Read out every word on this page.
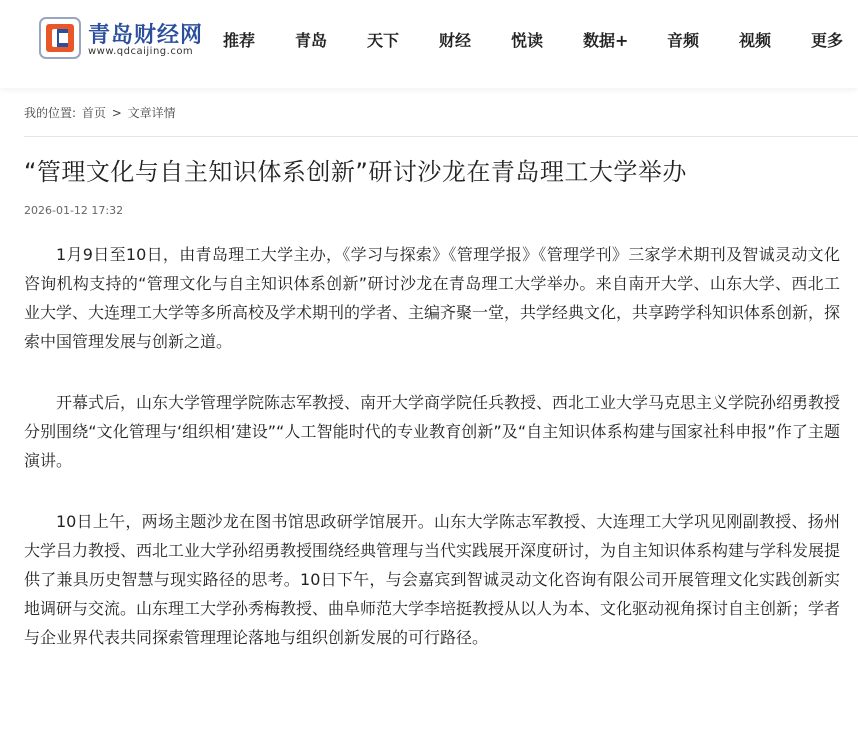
青岛财经网
www.qdcaijing.com
推荐 青岛 天下 财经 悦读 数据+ 音频 视频 更多
我的位置: 首页 > 文章详情
“管理文化与自主知识体系创新”研讨沙龙在青岛理工大学举办
2026-01-12 17:32

1月9日至10日，由青岛理工大学主办，《学习与探索》《管理学报》《管理学刊》三家学术期刊及智诚灵动文化咨询机构支持的“管理文化与自主知识体系创新”研讨沙龙在青岛理工大学举办。来自南开大学、山东大学、西北工业大学、大连理工大学等多所高校及学术期刊的学者、主编齐聚一堂，共学经典文化，共享跨学科知识体系创新，探索中国管理发展与创新之道。

开幕式后，山东大学管理学院陈志军教授、南开大学商学院任兵教授、西北工业大学马克思主义学院孙绍勇教授分别围绕“文化管理与‘组织相’建设”“人工智能时代的专业教育创新”及“自主知识体系构建与国家社科申报”作了主题演讲。

10日上午，两场主题沙龙在图书馆思政研学馆展开。山东大学陈志军教授、大连理工大学巩见刚副教授、扬州大学吕力教授、西北工业大学孙绍勇教授围绕经典管理与当代实践展开深度研讨，为自主知识体系构建与学科发展提供了兼具历史智慧与现实路径的思考。10日下午，与会嘉宾到智诚灵动文化咨询有限公司开展管理文化实践创新实地调研与交流。山东理工大学孙秀梅教授、曲阜师范大学李培挺教授从以人为本、文化驱动视角探讨自主创新；学者与企业界代表共同探索管理理论落地与组织创新发展的可行路径。
